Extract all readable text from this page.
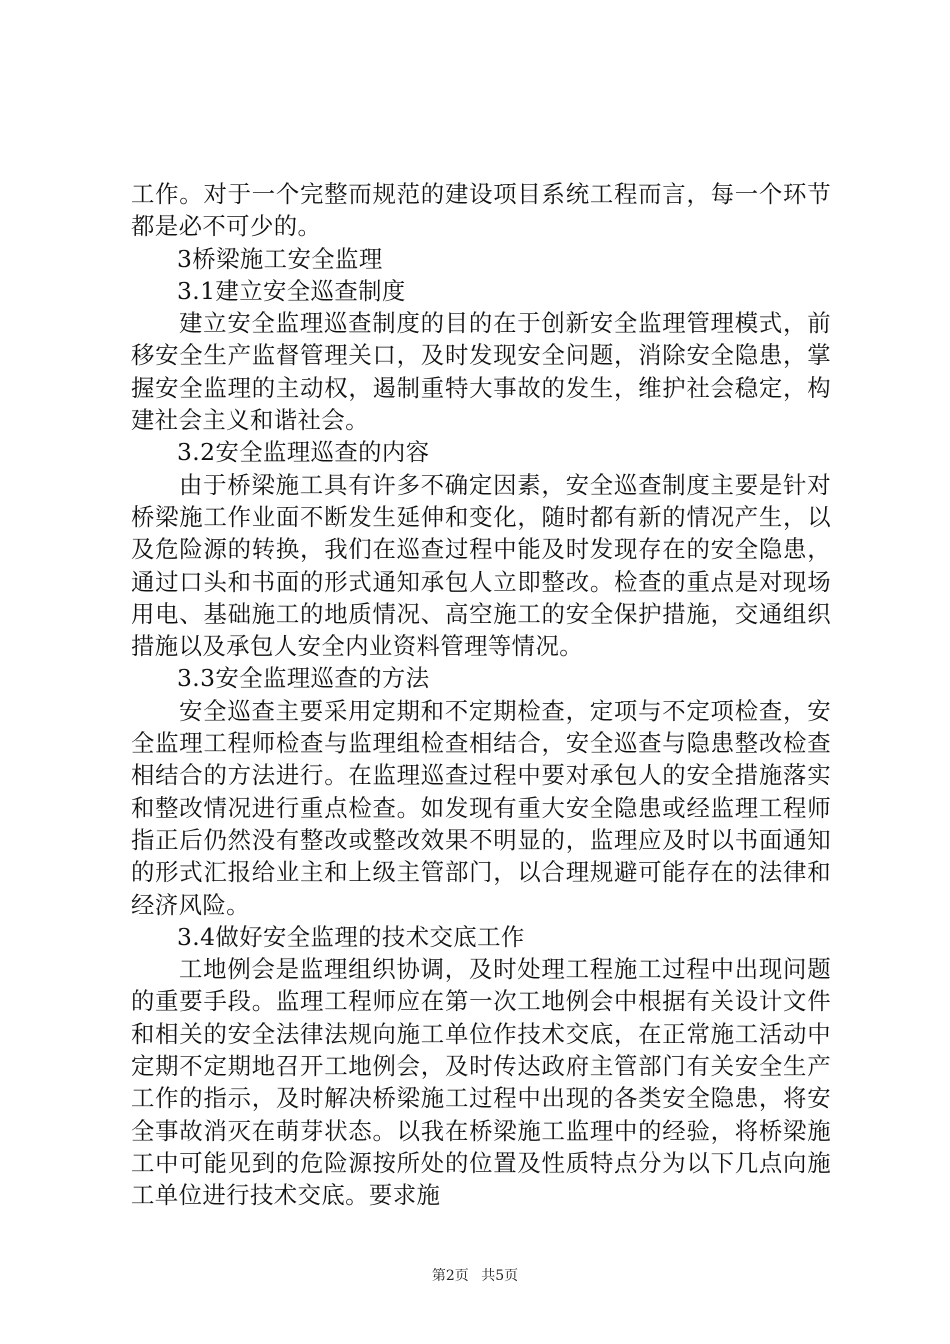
工作。对于一个完整而规范的建设项目系统工程而言，每一个环节都是必不可少的。

3桥梁施工安全监理

3.1建立安全巡查制度

建立安全监理巡查制度的目的在于创新安全监理管理模式，前移安全生产监督管理关口，及时发现安全问题，消除安全隐患，掌握安全监理的主动权，遏制重特大事故的发生，维护社会稳定，构建社会主义和谐社会。

3.2安全监理巡查的内容

由于桥梁施工具有许多不确定因素，安全巡查制度主要是针对桥梁施工作业面不断发生延伸和变化，随时都有新的情况产生，以及危险源的转换，我们在巡查过程中能及时发现存在的安全隐患，通过口头和书面的形式通知承包人立即整改。检查的重点是对现场用电、基础施工的地质情况、高空施工的安全保护措施，交通组织措施以及承包人安全内业资料管理等情况。

3.3安全监理巡查的方法

安全巡查主要采用定期和不定期检查，定项与不定项检查，安全监理工程师检查与监理组检查相结合，安全巡查与隐患整改检查相结合的方法进行。在监理巡查过程中要对承包人的安全措施落实和整改情况进行重点检查。如发现有重大安全隐患或经监理工程师指正后仍然没有整改或整改效果不明显的，监理应及时以书面通知的形式汇报给业主和上级主管部门，以合理规避可能存在的法律和经济风险。

3.4做好安全监理的技术交底工作

工地例会是监理组织协调，及时处理工程施工过程中出现问题的重要手段。监理工程师应在第一次工地例会中根据有关设计文件和相关的安全法律法规向施工单位作技术交底，在正常施工活动中定期不定期地召开工地例会，及时传达政府主管部门有关安全生产工作的指示，及时解决桥梁施工过程中出现的各类安全隐患，将安全事故消灭在萌芽状态。以我在桥梁施工监理中的经验，将桥梁施工中可能见到的危险源按所处的位置及性质特点分为以下几点向施工单位进行技术交底。要求施

第2页 共5页
